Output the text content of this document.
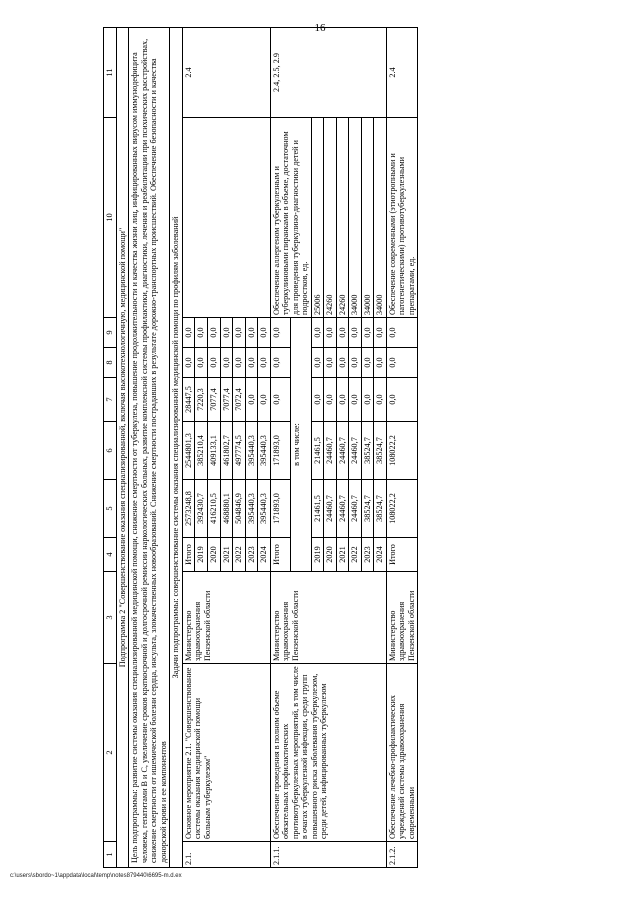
16
1	2	3	4	5	6	7	8	9	10	11
Подпрограмма 2 "Совершенствование оказания специализированной, включая высокотехнологичную, медицинской помощи"										
Цель подпрограммы: развитие системы оказания специализированной медицинской помощи, снижение смертности от туберкулеза, повышение продолжительности и качества жизни лиц, инфицированных вирусом иммунодефицита человека, гепатитами B и C, увеличение сроков краткосрочной и долгосрочной ремиссии наркологических больных, развитие комплексной системы профилактики, диагностики, лечения и реабилитации при психических расстройствах, снижение смертности от ишемической болезни сердца, инсульта, злокачественных новообразований. Снижение смертности пострадавших в результате дорожно-транспортных происшествий. Обеспечение безопасности и качества донорской крови и ее компонентов										
Задачи подпрограммы: совершенствование системы оказания специализированной медицинской помощи по профилям заболеваний										
2.1.	Основное мероприятие 2.1. "Совершенствование системы оказания медицинской помощи больным туберкулезом"	Министерство здравоохранения Пензенской области	Итого	2573248,8	2544801,3	28447,5	0,0	0,0		2.4
			2019	392430,7	385210,4	7220,3	0,0	0,0		
			2020	416210,5	409133,1	7077,4	0,0	0,0		
			2021	468880,1	461802,7	7077,4	0,0	0,0		
			2022	504846,9	497774,5	7072,4	0,0	0,0		
			2023	395440,3	395440,3	0,0	0,0	0,0		
			2024	395440,3	395440,3	0,0	0,0	0,0		
2.1.1.	Обеспечение проведения в полном объеме обязательных профилактических противотуберкулезных мероприятий, в том числе в очагах туберкулезной инфекции, среди групп повышенного риска заболевания туберкулезом, среди детей, инфицированных туберкулезом	Министерство здравоохранения Пензенской области	Итого	171893,0	171893,0	0,0	0,0	0,0	Обеспечение аллергеном туберкулезным и туберкулиновыми пиранками в объеме, достаточном для проведения туберкулино-диагностики детей и подростков, ед.	2.4, 2.5, 2.9
			в том числе:							
			2019	21461,5	21461,5	0,0	0,0	0,0	25006	
			2020	24460,7	24460,7	0,0	0,0	0,0	24260	
			2021	24460,7	24460,7	0,0	0,0	0,0	24260	
			2022	24460,7	24460,7	0,0	0,0	0,0	34000	
			2023	38524,7	38524,7	0,0	0,0	0,0	34000	
			2024	38524,7	38524,7	0,0	0,0	0,0	34000	
2.1.2.	Обеспечение лечебно-профилактических учреждений системы здравоохранения современными	Министерство здравоохранения Пензенской области	Итого	108022,2	108022,2	0,0	0,0	0,0	Обеспечение современными (этиотропными и патогенетическими) противотуберкулезными препаратами, ед.	2.4
c:\users\sbordo~1\appdata\local\temp\notes879440\6695-m.d.ex
